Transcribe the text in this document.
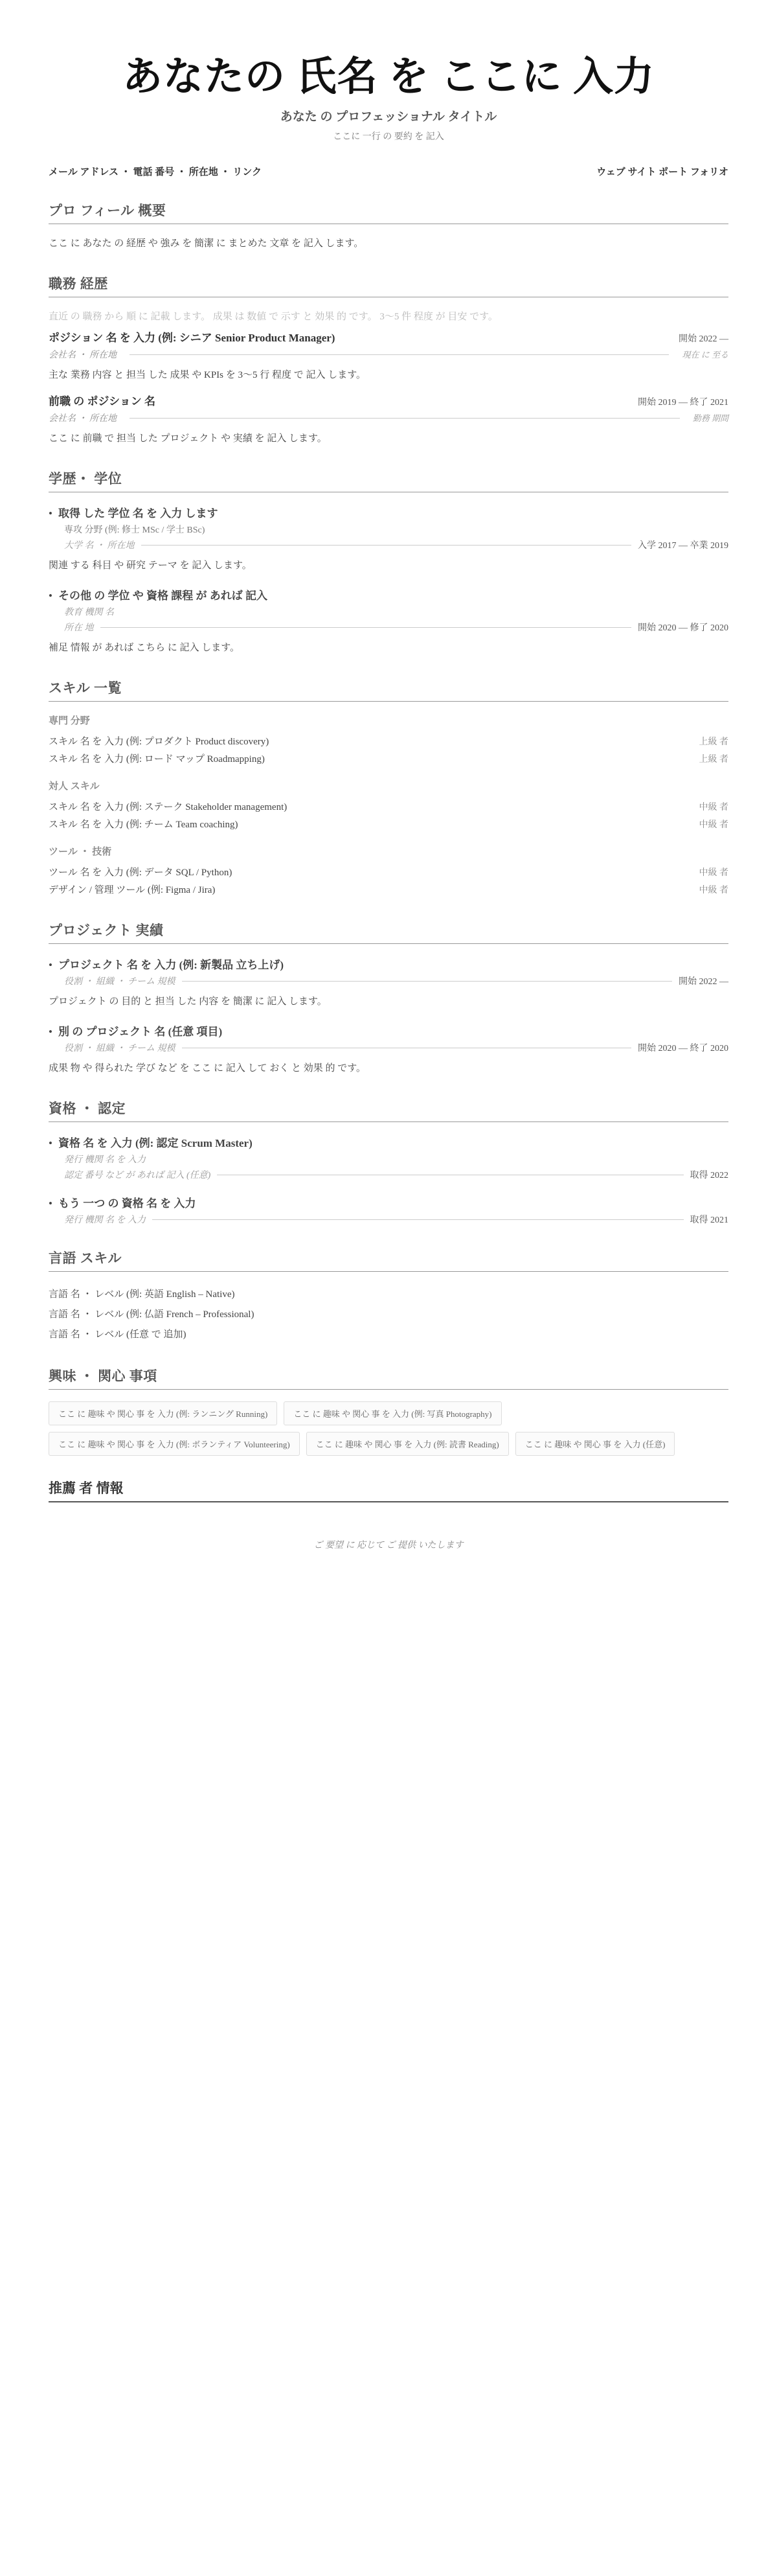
あなたの 氏名 を ここに 入力
あなた の プロフェッショナル タイトル
ここに 一行 の 要約 を 記入
メール アドレス ・ 電話 番号 ・ 所在地 ・ リンク	ウェブ サイト ポート フォリオ
プロ フィール 概要
ここ に あなた の 経歴 や 強み を 簡潔 に まとめた 文章 を 記入 します。
職務 経歴
直近 の 職務 から 順 に 記載 します。 成果 は 数値 で 示す と 効果 的 です。 3〜5 件 程度 が 目安 です。
ポジション 名 を 入力 (例: シニア Senior Product Manager)	開始 2022 —
会社名 ・ 所在地	現在 に 至る
主な 業務 内容 と 担当 した 成果 や KPIs を 3〜5 行 程度 で 記入 します。
前職 の ポジション 名	開始 2019 — 終了 2021
会社名 ・ 所在地	勤務 期間
ここ に 前職 で 担当 した プロジェクト や 実績 を 記入 します。
学歴・ 学位
• 取得 した 学位 名 を 入力 します
専攻 分野 (例: 修士 MSc / 学士 BSc)
大学 名 ・ 所在地	入学 2017 — 卒業 2019
関連 する 科目 や 研究 テーマ を 記入 します。
• その他 の 学位 や 資格 課程 が あれば 記入
教育 機関 名
所在 地	開始 2020 — 修了 2020
補足 情報 が あれば こちら に 記入 します。
スキル 一覧
専門 分野
スキル 名 を 入力 (例: プロダクト Product discovery)	上級 者
スキル 名 を 入力 (例: ロード マップ Roadmapping)	上級 者
対人 スキル
スキル 名 を 入力 (例: ステーク Stakeholder management)	中級 者
スキル 名 を 入力 (例: チーム Team coaching)	中級 者
ツール ・ 技術
ツール 名 を 入力 (例: データ SQL / Python)	中級 者
デザイン / 管理 ツール (例: Figma / Jira)	中級 者
プロジェクト 実績
• プロジェクト 名 を 入力 (例: 新製品 立ち上げ)
役割 ・ 組織 ・ チーム 規模	開始 2022 —
プロジェクト の 目的 と 担当 した 内容 を 簡潔 に 記入 します。
• 別 の プロジェクト 名 (任意 項目)
役割 ・ 組織 ・ チーム 規模	開始 2020 — 終了 2020
成果 物 や 得られた 学び など を ここ に 記入 して おく と 効果 的 です。
資格 ・ 認定
• 資格 名 を 入力 (例: 認定 Scrum Master)
発行 機関 名 を 入力
認定 番号 など が あれば 記入 (任意)	取得 2022
• もう 一つ の 資格 名 を 入力
発行 機関 名 を 入力	取得 2021
言語 スキル
言語 名 ・ レベル (例: 英語 English – Native)
言語 名 ・ レベル (例: 仏語 French – Professional)
言語 名 ・ レベル (任意 で 追加)
興味 ・ 関心 事項
ここ に 趣味 や 関心 事 を 入力 (例: ランニング Running)	ここ に 趣味 や 関心 事 を 入力 (例: 写真 Photography)
ここ に 趣味 や 関心 事 を 入力 (例: ボランティア Volunteering)	ここ に 趣味 や 関心 事 を 入力 (例: 読書 Reading)	ここ に 趣味 や 関心 事 を 入力 (任意)
推薦 者 情報
ご 要望 に 応じて ご 提供 いたします
